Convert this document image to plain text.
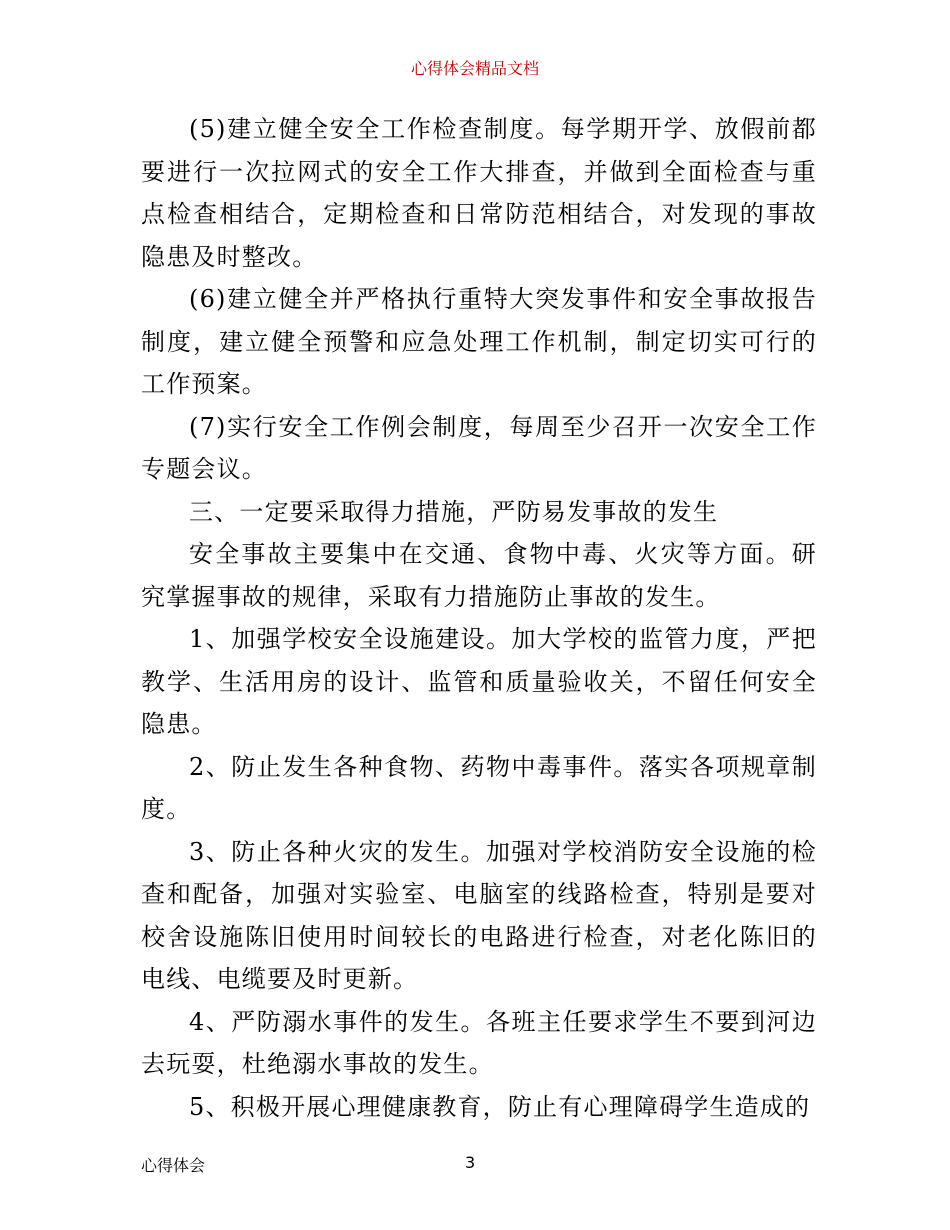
心得体会精品文档

(5)建立健全安全工作检查制度。每学期开学、放假前都要进行一次拉网式的安全工作大排查，并做到全面检查与重点检查相结合，定期检查和日常防范相结合，对发现的事故隐患及时整改。

(6)建立健全并严格执行重特大突发事件和安全事故报告制度，建立健全预警和应急处理工作机制，制定切实可行的工作预案。

(7)实行安全工作例会制度，每周至少召开一次安全工作专题会议。

三、一定要采取得力措施，严防易发事故的发生

安全事故主要集中在交通、食物中毒、火灾等方面。研究掌握事故的规律，采取有力措施防止事故的发生。

1、加强学校安全设施建设。加大学校的监管力度，严把教学、生活用房的设计、监管和质量验收关，不留任何安全隐患。

2、防止发生各种食物、药物中毒事件。落实各项规章制度。

3、防止各种火灾的发生。加强对学校消防安全设施的检查和配备，加强对实验室、电脑室的线路检查，特别是要对校舍设施陈旧使用时间较长的电路进行检查，对老化陈旧的电线、电缆要及时更新。

4、严防溺水事件的发生。各班主任要求学生不要到河边去玩耍，杜绝溺水事故的发生。

5、积极开展心理健康教育，防止有心理障碍学生造成的

心得体会	3
